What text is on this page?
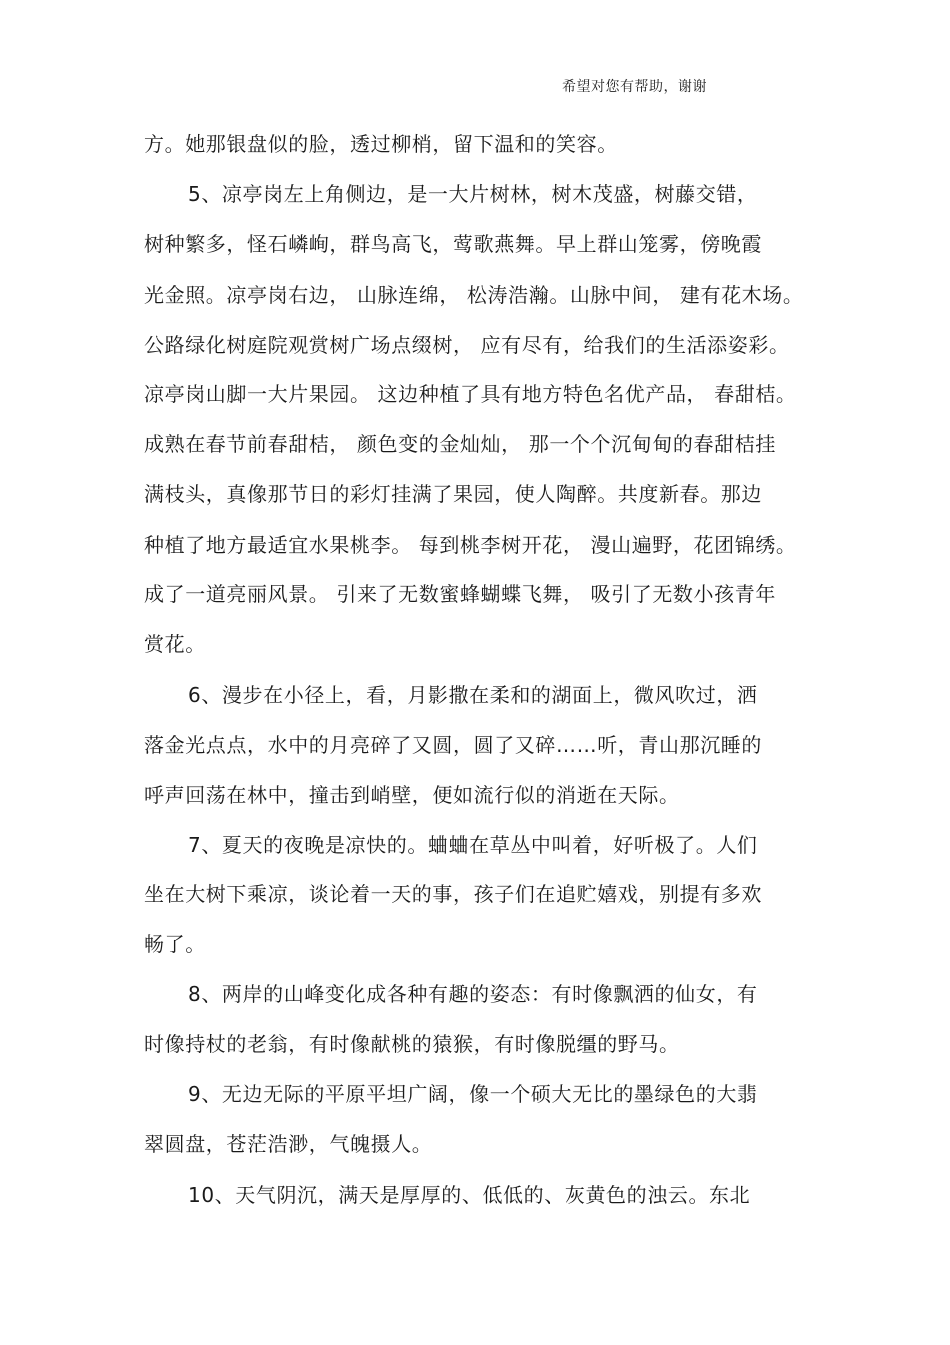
希望对您有帮助，谢谢
方。她那银盘似的脸，透过柳梢，留下温和的笑容。
5、凉亭岗左上角侧边，是一大片树林，树木茂盛，树藤交错，
树种繁多，怪石嶙峋，群鸟高飞，莺歌燕舞。早上群山笼雾，傍晚霞
光金照。凉亭岗右边， 山脉连绵， 松涛浩瀚。山脉中间， 建有花木场。
公路绿化树庭院观赏树广场点缀树， 应有尽有，给我们的生活添姿彩。
凉亭岗山脚一大片果园。 这边种植了具有地方特色名优产品， 春甜桔。
成熟在春节前春甜桔， 颜色变的金灿灿， 那一个个沉甸甸的春甜桔挂
满枝头，真像那节日的彩灯挂满了果园，使人陶醉。共度新春。那边
种植了地方最适宜水果桃李。 每到桃李树开花， 漫山遍野，花团锦绣。
成了一道亮丽风景。 引来了无数蜜蜂蝴蝶飞舞， 吸引了无数小孩青年
赏花。
6、漫步在小径上，看，月影撒在柔和的湖面上，微风吹过，洒
落金光点点，水中的月亮碎了又圆，圆了又碎……听，青山那沉睡的
呼声回荡在林中，撞击到峭壁，便如流行似的消逝在天际。
7、夏天的夜晚是凉快的。蛐蛐在草丛中叫着，好听极了。人们
坐在大树下乘凉，谈论着一天的事，孩子们在追贮嬉戏，别提有多欢
畅了。
8、两岸的山峰变化成各种有趣的姿态：有时像飘洒的仙女，有
时像持杖的老翁，有时像献桃的猿猴，有时像脱缰的野马。
9、无边无际的平原平坦广阔，像一个硕大无比的墨绿色的大翡
翠圆盘，苍茫浩渺，气魄摄人。
10、天气阴沉，满天是厚厚的、低低的、灰黄色的浊云。东北
